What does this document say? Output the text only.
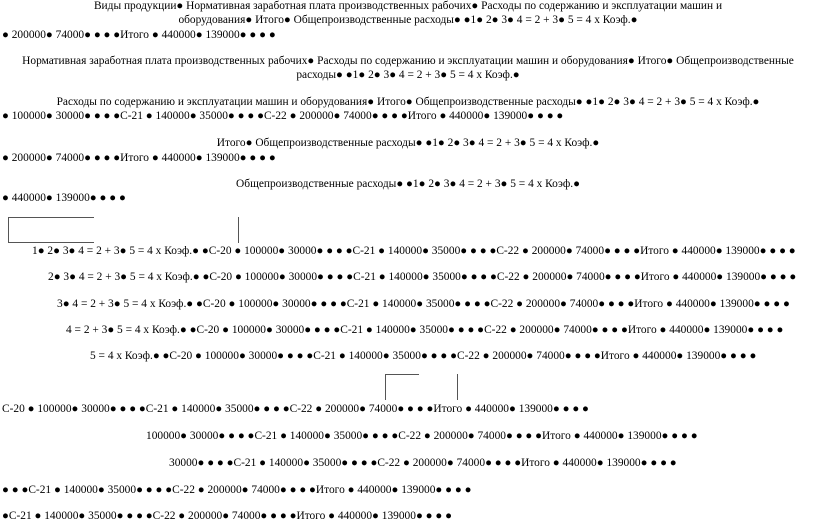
Виды продукции● Нормативная заработная плата производственных рабочих● Расходы по содержанию и эксплуатации машин и
оборудования● Итого● Общепроизводственные расходы● ●1● 2● 3● 4 = 2 + 3● 5 = 4 х Коэф.●
● 200000● 74000● ● ● ●Итого ● 440000● 139000● ● ● ●
Нормативная заработная плата производственных рабочих● Расходы по содержанию и эксплуатации машин и оборудования● Итого● Общепроизводственные
расходы● ●1● 2● 3● 4 = 2 + 3● 5 = 4 х Коэф.●
Расходы по содержанию и эксплуатации машин и оборудования● Итого● Общепроизводственные расходы● ●1● 2● 3● 4 = 2 + 3● 5 = 4 х Коэф.●
● 100000● 30000● ● ● ●С-21 ● 140000● 35000● ● ● ●С-22 ● 200000● 74000● ● ● ●Итого ● 440000● 139000● ● ● ●
Итого● Общепроизводственные расходы● ●1● 2● 3● 4 = 2 + 3● 5 = 4 х Коэф.●
● 200000● 74000● ● ● ●Итого ● 440000● 139000● ● ● ●
Общепроизводственные расходы● ●1● 2● 3● 4 = 2 + 3● 5 = 4 х Коэф.●
● 440000● 139000● ● ● ●
1● 2● 3● 4 = 2 + 3● 5 = 4 х Коэф.● ●С-20 ● 100000● 30000● ● ● ●С-21 ● 140000● 35000● ● ● ●С-22 ● 200000● 74000● ● ● ●Итого ● 440000● 139000● ● ● ●
2● 3● 4 = 2 + 3● 5 = 4 х Коэф.● ●С-20 ● 100000● 30000● ● ● ●С-21 ● 140000● 35000● ● ● ●С-22 ● 200000● 74000● ● ● ●Итого ● 440000● 139000● ● ● ●
3● 4 = 2 + 3● 5 = 4 х Коэф.● ●С-20 ● 100000● 30000● ● ● ●С-21 ● 140000● 35000● ● ● ●С-22 ● 200000● 74000● ● ● ●Итого ● 440000● 139000● ● ● ●
4 = 2 + 3● 5 = 4 х Коэф.● ●С-20 ● 100000● 30000● ● ● ●С-21 ● 140000● 35000● ● ● ●С-22 ● 200000● 74000● ● ● ●Итого ● 440000● 139000● ● ● ●
5 = 4 х Коэф.● ●С-20 ● 100000● 30000● ● ● ●С-21 ● 140000● 35000● ● ● ●С-22 ● 200000● 74000● ● ● ●Итого ● 440000● 139000● ● ● ●
С-20 ● 100000● 30000● ● ● ●С-21 ● 140000● 35000● ● ● ●С-22 ● 200000● 74000● ● ● ●Итого ● 440000● 139000● ● ● ●
100000● 30000● ● ● ●С-21 ● 140000● 35000● ● ● ●С-22 ● 200000● 74000● ● ● ●Итого ● 440000● 139000● ● ● ●
30000● ● ● ●С-21 ● 140000● 35000● ● ● ●С-22 ● 200000● 74000● ● ● ●Итого ● 440000● 139000● ● ● ●
● ● ●С-21 ● 140000● 35000● ● ● ●С-22 ● 200000● 74000● ● ● ●Итого ● 440000● 139000● ● ● ●
●С-21 ● 140000● 35000● ● ● ●С-22 ● 200000● 74000● ● ● ●Итого ● 440000● 139000● ● ● ●
